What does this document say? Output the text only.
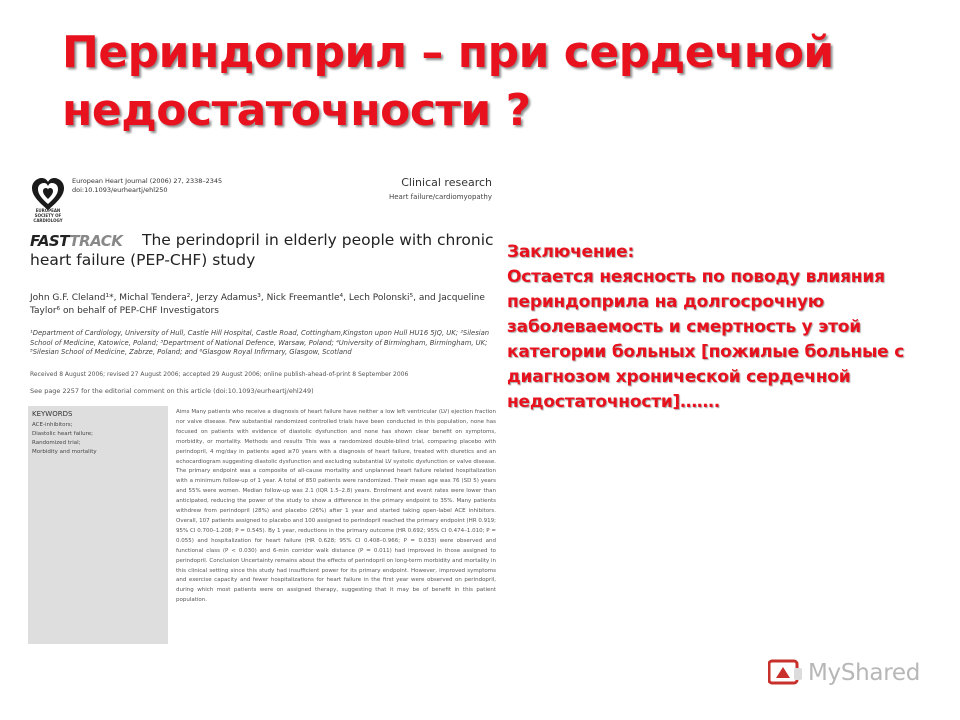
Периндоприл – при сердечной
недостаточности ?
EUROPEAN SOCIETY OF CARDIOLOGY
European Heart Journal (2006) 27, 2338–2345
doi:10.1093/eurheartj/ehl250
Clinical research
Heart failure/cardiomyopathy
FASTTRACK	The perindopril in elderly people with chronic heart failure (PEP-CHF) study
John G.F. Cleland¹*, Michal Tendera², Jerzy Adamus³, Nick Freemantle⁴, Lech Polonski⁵, and Jacqueline Taylor⁶ on behalf of PEP-CHF Investigators
¹Department of Cardiology, University of Hull, Castle Hill Hospital, Castle Road, Cottingham,Kingston upon Hull HU16 5JQ, UK; ²Silesian School of Medicine, Katowice, Poland; ³Department of National Defence, Warsaw, Poland; ⁴University of Birmingham, Birmingham, UK; ⁵Silesian School of Medicine, Zabrze, Poland; and ⁶Glasgow Royal Infirmary, Glasgow, Scotland
Received 8 August 2006; revised 27 August 2006; accepted 29 August 2006; online publish-ahead-of-print 8 September 2006
See page 2257 for the editorial comment on this article (doi:10.1093/eurheartj/ehl249)
KEYWORDS
ACE-inhibitors;
Diastolic heart failure;
Randomized trial;
Morbidity and mortality
Aims Many patients who receive a diagnosis of heart failure have neither a low left ventricular (LV) ejection fraction nor valve disease. Few substantial randomized controlled trials have been conducted in this population, none has focused on patients with evidence of diastolic dysfunction and none has shown clear benefit on symptoms, morbidity, or mortality. Methods and results This was a randomized double-blind trial, comparing placebo with perindopril, 4 mg/day in patients aged ≥70 years with a diagnosis of heart failure, treated with diuretics and an echocardiogram suggesting diastolic dysfunction and excluding substantial LV systolic dysfunction or valve disease. The primary endpoint was a composite of all-cause mortality and unplanned heart failure related hospitalization with a minimum follow-up of 1 year. A total of 850 patients were randomized. Their mean age was 76 (SD 5) years and 55% were women. Median follow-up was 2.1 (IQR 1.5–2.8) years. Enrolment and event rates were lower than anticipated, reducing the power of the study to show a difference in the primary endpoint to 35%. Many patients withdrew from perindopril (28%) and placebo (26%) after 1 year and started taking open-label ACE inhibitors. Overall, 107 patients assigned to placebo and 100 assigned to perindopril reached the primary endpoint (HR 0.919; 95% CI 0.700–1.208; P = 0.545). By 1 year, reductions in the primary outcome (HR 0.692; 95% CI 0.474–1.010; P = 0.055) and hospitalization for heart failure (HR 0.628; 95% CI 0.408–0.966; P = 0.033) were observed and functional class (P < 0.030) and 6-min corridor walk distance (P = 0.011) had improved in those assigned to perindopril. Conclusion Uncertainty remains about the effects of perindopril on long-term morbidity and mortality in this clinical setting since this study had insufficient power for its primary endpoint. However, improved symptoms and exercise capacity and fewer hospitalizations for heart failure in the first year were observed on perindopril, during which most patients were on assigned therapy, suggesting that it may be of benefit in this patient population.
Заключение:
Остается неясность по поводу влияния
периндоприла на долгосрочную
заболеваемость и смертность у этой
категории больных [пожилые больные с
диагнозом хронической сердечной
недостаточности]…….
MyShared
